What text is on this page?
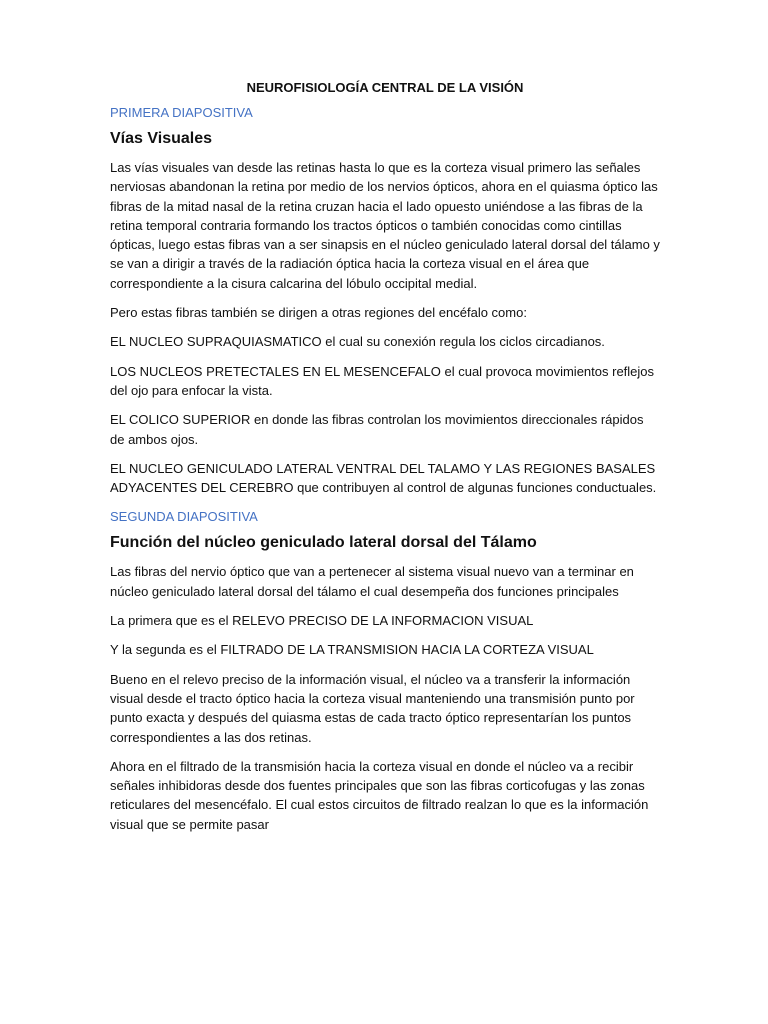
NEUROFISIOLOGÍA CENTRAL DE LA VISIÓN
PRIMERA DIAPOSITIVA
Vías Visuales

Las vías visuales van desde las retinas hasta lo que es la corteza visual primero las señales nerviosas abandonan la retina por medio de los nervios ópticos, ahora en el quiasma óptico las fibras de la mitad nasal de la retina cruzan hacia el lado opuesto uniéndose a las fibras de la retina temporal contraria formando los tractos ópticos o también conocidas como cintillas ópticas, luego estas fibras van a ser sinapsis en el núcleo geniculado lateral dorsal del tálamo y se van a dirigir a través de la radiación óptica hacia la corteza visual en el área que correspondiente a la cisura calcarina del lóbulo occipital medial.

Pero estas fibras también se dirigen a otras regiones del encéfalo como:

EL NUCLEO SUPRAQUIASMATICO el cual su conexión regula los ciclos circadianos.

LOS NUCLEOS PRETECTALES EN EL MESENCEFALO el cual provoca movimientos reflejos del ojo para enfocar la vista.

EL COLICO SUPERIOR en donde las fibras controlan los movimientos direccionales rápidos de ambos ojos.

EL NUCLEO GENICULADO LATERAL VENTRAL DEL TALAMO Y LAS REGIONES BASALES ADYACENTES DEL CEREBRO que contribuyen al control de algunas funciones conductuales.

SEGUNDA DIAPOSITIVA
Función del núcleo geniculado lateral dorsal del Tálamo

Las fibras del nervio óptico que van a pertenecer al sistema visual nuevo van a terminar en núcleo geniculado lateral dorsal del tálamo el cual desempeña dos funciones principales

La primera que es el RELEVO PRECISO DE LA INFORMACION VISUAL

Y la segunda es el FILTRADO DE LA TRANSMISION HACIA LA CORTEZA VISUAL

Bueno en el relevo preciso de la información visual, el núcleo va a transferir la información visual desde el tracto óptico hacia la corteza visual manteniendo una transmisión punto por punto exacta y después del quiasma estas de cada tracto óptico representarían los puntos correspondientes a las dos retinas.

Ahora en el filtrado de la transmisión hacia la corteza visual en donde el núcleo va a recibir señales inhibidoras desde dos fuentes principales que son las fibras corticofugas y las zonas reticulares del mesencéfalo. El cual estos circuitos de filtrado realzan lo que es la información visual que se permite pasar
